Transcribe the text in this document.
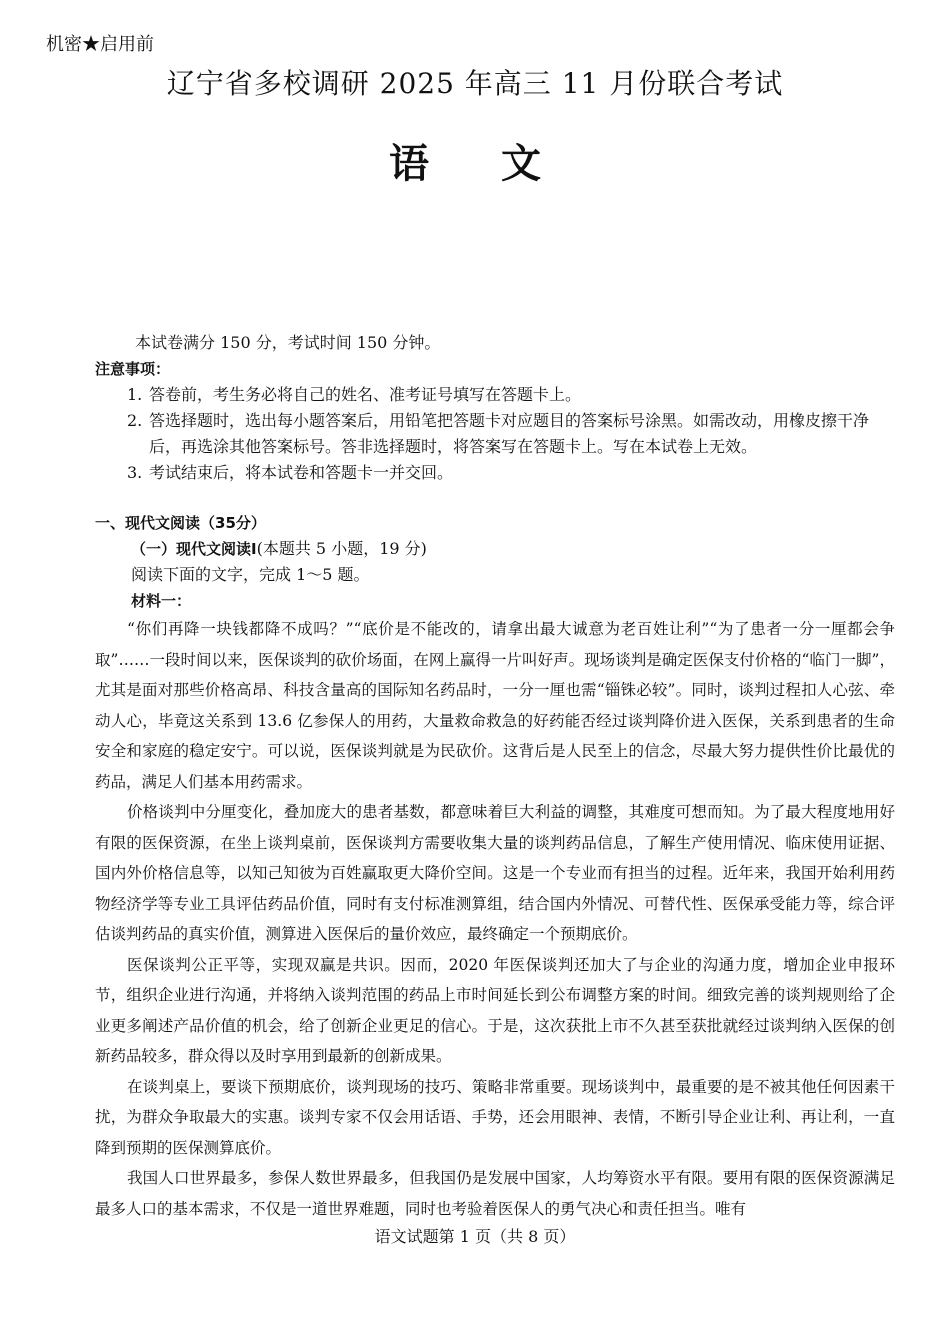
机密★启用前
辽宁省多校调研 2025 年高三 11 月份联合考试
语 文

本试卷满分 150 分，考试时间 150 分钟。

注意事项：

1. 答卷前，考生务必将自己的姓名、准考证号填写在答题卡上。
2. 答选择题时，选出每小题答案后，用铅笔把答题卡对应题目的答案标号涂黑。如需改动，用橡皮擦干净后，再选涂其他答案标号。答非选择题时，将答案写在答题卡上。写在本试卷上无效。
3. 考试结束后，将本试卷和答题卡一并交回。

一、现代文阅读（35分）

（一）现代文阅读Ⅰ(本题共 5 小题，19 分)

阅读下面的文字，完成 1～5 题。

材料一：

“你们再降一块钱都降不成吗？”“底价是不能改的，请拿出最大诚意为老百姓让利”“为了患者一分一厘都会争取”……一段时间以来，医保谈判的砍价场面，在网上赢得一片叫好声。现场谈判是确定医保支付价格的“临门一脚”，尤其是面对那些价格高昂、科技含量高的国际知名药品时，一分一厘也需“锱铢必较”。同时，谈判过程扣人心弦、牵动人心，毕竟这关系到 13.6 亿参保人的用药，大量救命救急的好药能否经过谈判降价进入医保，关系到患者的生命安全和家庭的稳定安宁。可以说，医保谈判就是为民砍价。这背后是人民至上的信念，尽最大努力提供性价比最优的药品，满足人们基本用药需求。

价格谈判中分厘变化，叠加庞大的患者基数，都意味着巨大利益的调整，其难度可想而知。为了最大程度地用好有限的医保资源，在坐上谈判桌前，医保谈判方需要收集大量的谈判药品信息，了解生产使用情况、临床使用证据、国内外价格信息等，以知己知彼为百姓赢取更大降价空间。这是一个专业而有担当的过程。近年来，我国开始利用药物经济学等专业工具评估药品价值，同时有支付标准测算组，结合国内外情况、可替代性、医保承受能力等，综合评估谈判药品的真实价值，测算进入医保后的量价效应，最终确定一个预期底价。

医保谈判公正平等，实现双赢是共识。因而，2020 年医保谈判还加大了与企业的沟通力度，增加企业申报环节，组织企业进行沟通，并将纳入谈判范围的药品上市时间延长到公布调整方案的时间。细致完善的谈判规则给了企业更多阐述产品价值的机会，给了创新企业更足的信心。于是，这次获批上市不久甚至获批就经过谈判纳入医保的创新药品较多，群众得以及时享用到最新的创新成果。

在谈判桌上，要谈下预期底价，谈判现场的技巧、策略非常重要。现场谈判中，最重要的是不被其他任何因素干扰，为群众争取最大的实惠。谈判专家不仅会用话语、手势，还会用眼神、表情，不断引导企业让利、再让利，一直降到预期的医保测算底价。

我国人口世界最多，参保人数世界最多，但我国仍是发展中国家，人均筹资水平有限。要用有限的医保资源满足最多人口的基本需求，不仅是一道世界难题，同时也考验着医保人的勇气决心和责任担当。唯有

语文试题第 1 页（共 8 页）
